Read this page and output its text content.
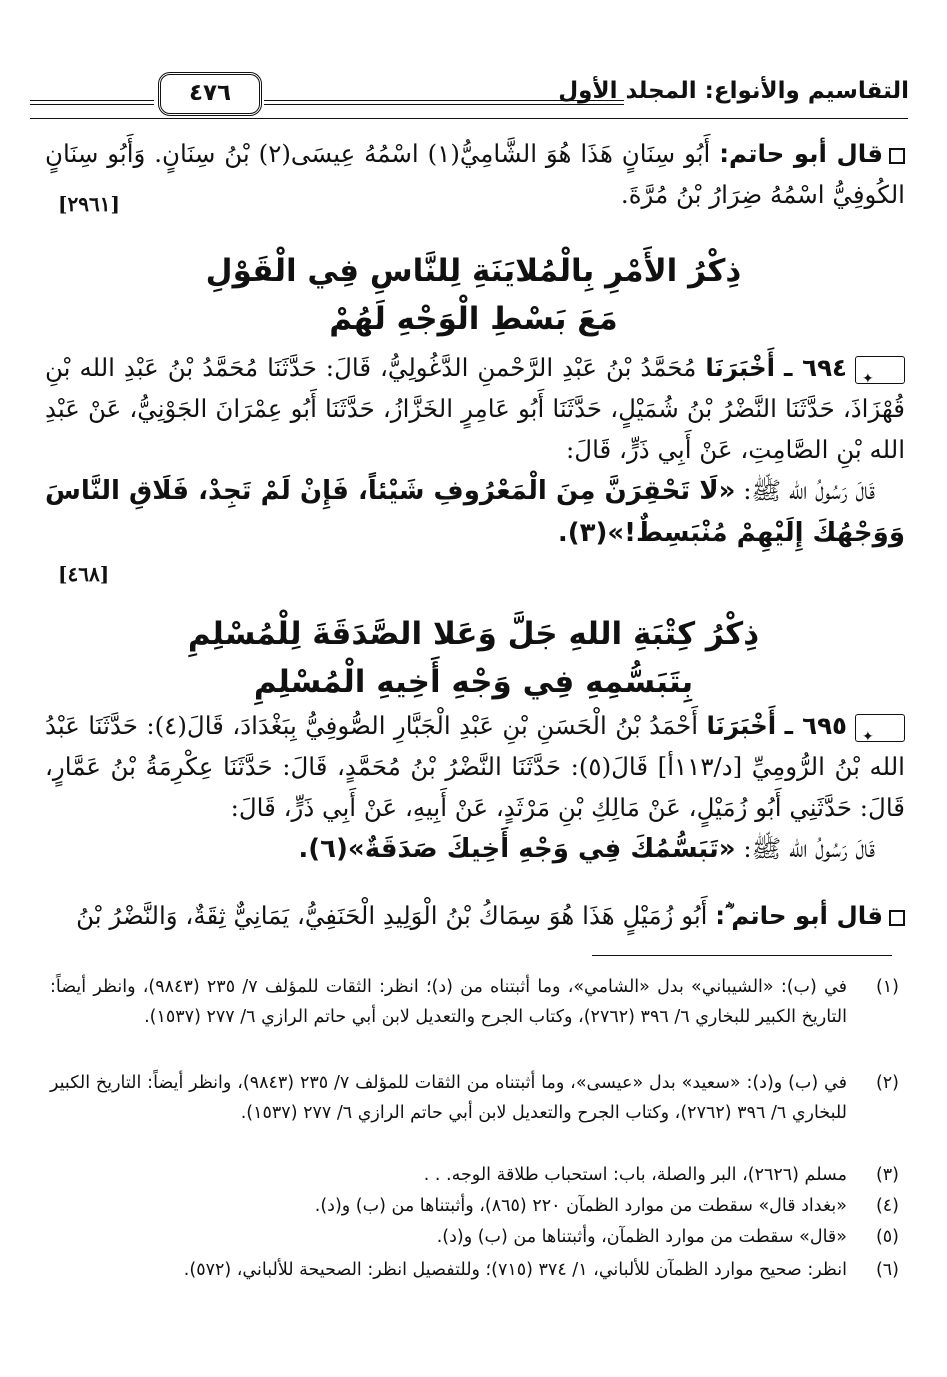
التقاسيم والأنواع: المجلد الأول
٤٧٦
قال أبو حاتم: أَبُو سِنَانٍ هَذَا هُوَ الشَّامِيُّ(١) اسْمُهُ عِيسَى(٢) بْنُ سِنَانٍ. وَأَبُو سِنَانٍ الكُوفِيُّ اسْمُهُ ضِرَارُ بْنُ مُرَّةَ.
[٢٩٦١]
ذِكْرُ الأَمْرِ بِالْمُلايَنَةِ لِلنَّاسِ فِي الْقَوْلِ
مَعَ بَسْطِ الْوَجْهِ لَهُمْ
✦
٦٩٤ ـ أَخْبَرَنَا مُحَمَّدُ بْنُ عَبْدِ الرَّحْمنِ الدَّغُولِيُّ، قَالَ: حَدَّثَنَا مُحَمَّدُ بْنُ عَبْدِ الله بْنِ قُهْزَاذَ، حَدَّثَنَا النَّضْرُ بْنُ شُمَيْلٍ، حَدَّثَنَا أَبُو عَامِرٍ الخَزَّازُ، حَدَّثَنَا أَبُو عِمْرَانَ الجَوْنِيُّ، عَنْ عَبْدِ الله بْنِ الصَّامِتِ، عَنْ أَبِي ذَرٍّ، قَالَ:
قَالَ رَسُولُ الله ﷺ: «لَا تَحْقِرَنَّ مِنَ الْمَعْرُوفِ شَيْئاً، فَإِنْ لَمْ تَجِدْ، فَلَاقِ النَّاسَ وَوَجْهُكَ إِلَيْهِمْ مُنْبَسِطٌ!»(٣).
[٤٦٨]
ذِكْرُ كِتْبَةِ اللهِ جَلَّ وَعَلا الصَّدَقَةَ لِلْمُسْلِمِ
بِتَبَسُّمِهِ فِي وَجْهِ أَخِيهِ الْمُسْلِمِ
✦
٦٩٥ ـ أَخْبَرَنَا أَحْمَدُ بْنُ الْحَسَنِ بْنِ عَبْدِ الْجَبَّارِ الصُّوفِيُّ بِبَغْدَادَ، قَالَ(٤): حَدَّثَنَا عَبْدُ الله بْنُ الرُّومِيِّ [د/١١٣أ] قَالَ(٥): حَدَّثَنَا النَّضْرُ بْنُ مُحَمَّدٍ، قَالَ: حَدَّثَنَا عِكْرِمَةُ بْنُ عَمَّارٍ، قَالَ: حَدَّثَنِي أَبُو زُمَيْلٍ، عَنْ مَالِكِ بْنِ مَرْثَدٍ، عَنْ أَبِيهِ، عَنْ أَبِي ذَرٍّ، قَالَ:
قَالَ رَسُولُ الله ﷺ: «تَبَسُّمُكَ فِي وَجْهِ أَخِيكَ صَدَقَةٌ»(٦).
قال أبو حاتم ؓ: أَبُو زُمَيْلٍ هَذَا هُوَ سِمَاكُ بْنُ الْوَلِيدِ الْحَنَفِيُّ، يَمَانِيٌّ ثِقَةٌ، وَالنَّضْرُ بْنُ
(١)
في (ب): «الشيباني» بدل «الشامي»، وما أثبتناه من (د)؛ انظر: الثقات للمؤلف ٧/ ٢٣٥ (٩٨٤٣)، وانظر أيضاً: التاريخ الكبير للبخاري ٦/ ٣٩٦ (٢٧٦٢)، وكتاب الجرح والتعديل لابن أبي حاتم الرازي ٦/ ٢٧٧ (١٥٣٧).
(٢)
في (ب) و(د): «سعيد» بدل «عيسى»، وما أثبتناه من الثقات للمؤلف ٧/ ٢٣٥ (٩٨٤٣)، وانظر أيضاً: التاريخ الكبير للبخاري ٦/ ٣٩٦ (٢٧٦٢)، وكتاب الجرح والتعديل لابن أبي حاتم الرازي ٦/ ٢٧٧ (١٥٣٧).
(٣)
مسلم (٢٦٢٦)، البر والصلة، باب: استحباب طلاقة الوجه. . .
(٤)
«بغداد قال» سقطت من موارد الظمآن ٢٢٠ (٨٦٥)، وأثبتناها من (ب) و(د).
(٥)
«قال» سقطت من موارد الظمآن، وأثبتناها من (ب) و(د).
(٦)
انظر: صحيح موارد الظمآن للألباني، ١/ ٣٧٤ (٧١٥)؛ وللتفصيل انظر: الصحيحة للألباني، (٥٧٢).
